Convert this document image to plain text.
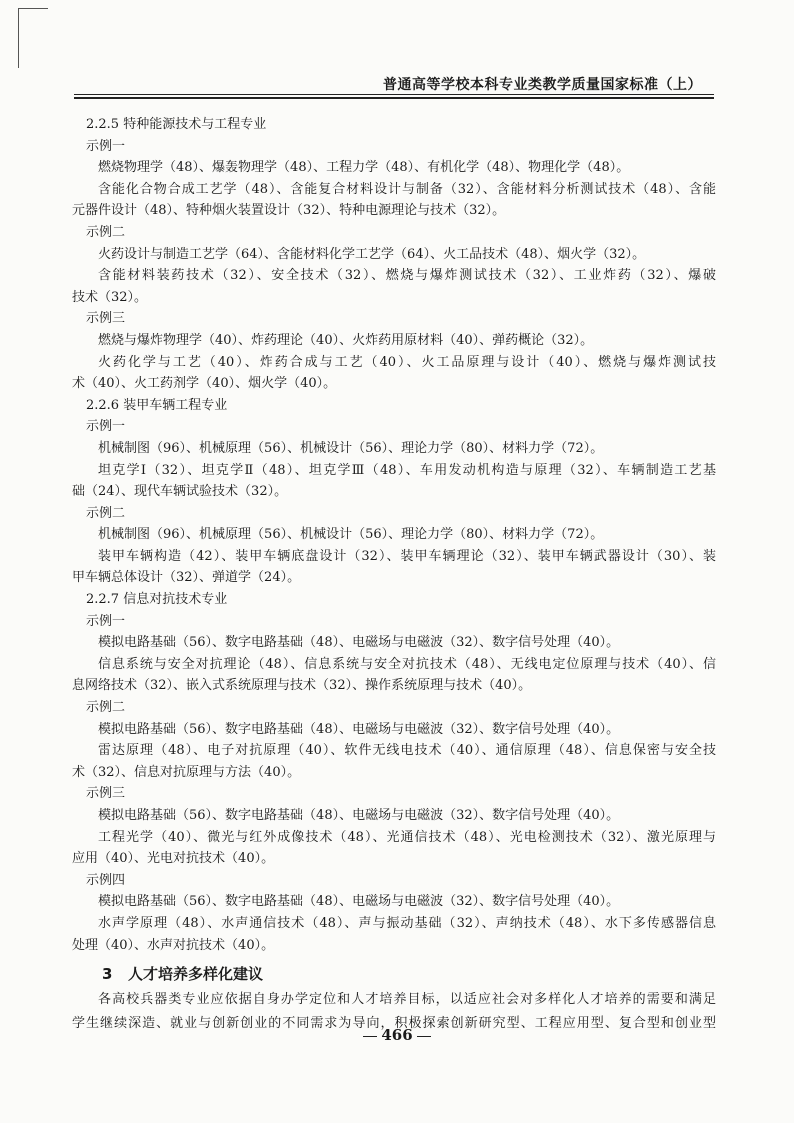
普通高等学校本科专业类教学质量国家标准（上）
2.2.5 特种能源技术与工程专业
示例一
燃烧物理学（48）、爆轰物理学（48）、工程力学（48）、有机化学（48）、物理化学（48）。
含能化合物合成工艺学（48）、含能复合材料设计与制备（32）、含能材料分析测试技术（48）、含能
元器件设计（48）、特种烟火装置设计（32）、特种电源理论与技术（32）。
示例二
火药设计与制造工艺学（64）、含能材料化学工艺学（64）、火工品技术（48）、烟火学（32）。
含能材料装药技术（32）、安全技术（32）、燃烧与爆炸测试技术（32）、工业炸药（32）、爆破
技术（32）。
示例三
燃烧与爆炸物理学（40）、炸药理论（40）、火炸药用原材料（40）、弹药概论（32）。
火药化学与工艺（40）、炸药合成与工艺（40）、火工品原理与设计（40）、燃烧与爆炸测试技
术（40）、火工药剂学（40）、烟火学（40）。
2.2.6 装甲车辆工程专业
示例一
机械制图（96）、机械原理（56）、机械设计（56）、理论力学（80）、材料力学（72）。
坦克学Ⅰ（32）、坦克学Ⅱ（48）、坦克学Ⅲ（48）、车用发动机构造与原理（32）、车辆制造工艺基
础（24）、现代车辆试验技术（32）。
示例二
机械制图（96）、机械原理（56）、机械设计（56）、理论力学（80）、材料力学（72）。
装甲车辆构造（42）、装甲车辆底盘设计（32）、装甲车辆理论（32）、装甲车辆武器设计（30）、装
甲车辆总体设计（32）、弹道学（24）。
2.2.7 信息对抗技术专业
示例一
模拟电路基础（56）、数字电路基础（48）、电磁场与电磁波（32）、数字信号处理（40）。
信息系统与安全对抗理论（48）、信息系统与安全对抗技术（48）、无线电定位原理与技术（40）、信
息网络技术（32）、嵌入式系统原理与技术（32）、操作系统原理与技术（40）。
示例二
模拟电路基础（56）、数字电路基础（48）、电磁场与电磁波（32）、数字信号处理（40）。
雷达原理（48）、电子对抗原理（40）、软件无线电技术（40）、通信原理（48）、信息保密与安全技
术（32）、信息对抗原理与方法（40）。
示例三
模拟电路基础（56）、数字电路基础（48）、电磁场与电磁波（32）、数字信号处理（40）。
工程光学（40）、微光与红外成像技术（48）、光通信技术（48）、光电检测技术（32）、激光原理与
应用（40）、光电对抗技术（40）。
示例四
模拟电路基础（56）、数字电路基础（48）、电磁场与电磁波（32）、数字信号处理（40）。
水声学原理（48）、水声通信技术（48）、声与振动基础（32）、声纳技术（48）、水下多传感器信息
处理（40）、水声对抗技术（40）。
3 人才培养多样化建议
各高校兵器类专业应依据自身办学定位和人才培养目标，以适应社会对多样化人才培养的需要和满足
学生继续深造、就业与创新创业的不同需求为导向，积极探索创新研究型、工程应用型、复合型和创业型
466
